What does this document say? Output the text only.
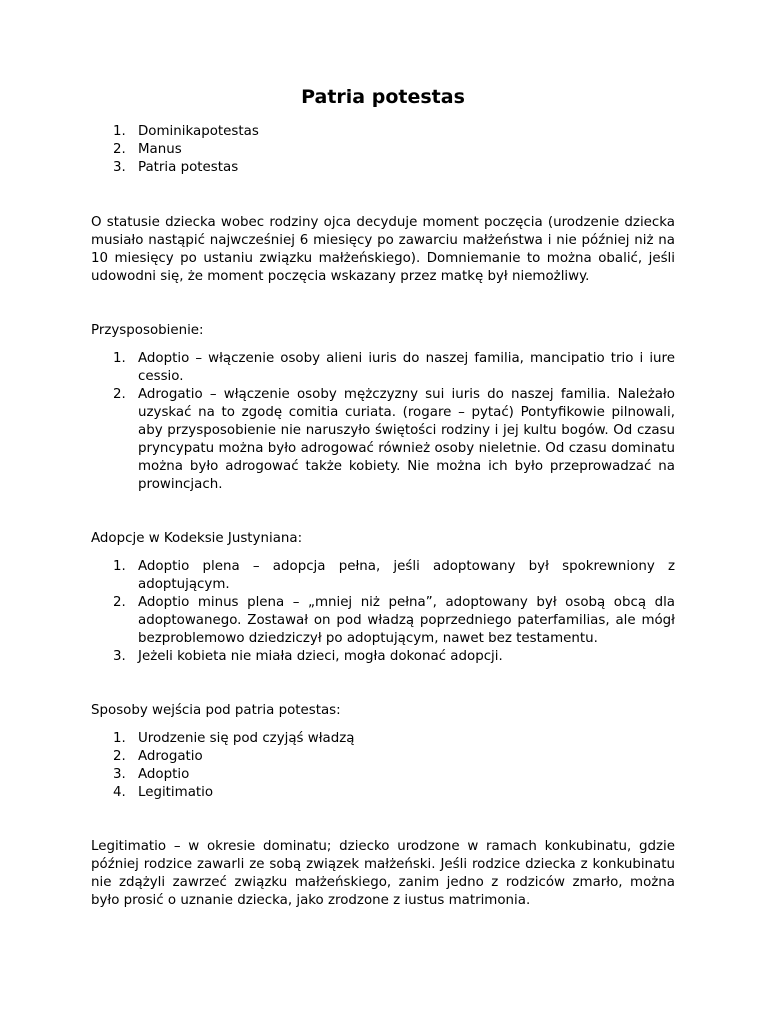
Patria potestas
1. Dominikapotestas
2. Manus
3. Patria potestas

O statusie dziecka wobec rodziny ojca decyduje moment poczęcia (urodzenie dziecka musiało nastąpić najwcześniej 6 miesięcy po zawarciu małżeństwa i nie później niż na 10 miesięcy po ustaniu związku małżeńskiego). Domniemanie to można obalić, jeśli udowodni się, że moment poczęcia wskazany przez matkę był niemożliwy.

Przysposobienie:

1. Adoptio – włączenie osoby alieni iuris do naszej familia, mancipatio trio i iure cessio.
2. Adrogatio – włączenie osoby mężczyzny sui iuris do naszej familia. Należało uzyskać na to zgodę comitia curiata. (rogare – pytać) Pontyfikowie pilnowali, aby przysposobienie nie naruszyło świętości rodziny i jej kultu bogów. Od czasu pryncypatu można było adrogować również osoby nieletnie. Od czasu dominatu można było adrogować także kobiety. Nie można ich było przeprowadzać na prowincjach.

Adopcje w Kodeksie Justyniana:

1. Adoptio plena – adopcja pełna, jeśli adoptowany był spokrewniony z adoptującym.
2. Adoptio minus plena – „mniej niż pełna”, adoptowany był osobą obcą dla adoptowanego. Zostawał on pod władzą poprzedniego paterfamilias, ale mógł bezproblemowo dziedziczył po adoptującym, nawet bez testamentu.
3. Jeżeli kobieta nie miała dzieci, mogła dokonać adopcji.

Sposoby wejścia pod patria potestas:

1. Urodzenie się pod czyjąś władzą
2. Adrogatio
3. Adoptio
4. Legitimatio

Legitimatio – w okresie dominatu; dziecko urodzone w ramach konkubinatu, gdzie później rodzice zawarli ze sobą związek małżeński. Jeśli rodzice dziecka z konkubinatu nie zdążyli zawrzeć związku małżeńskiego, zanim jedno z rodziców zmarło, można było prosić o uznanie dziecka, jako zrodzone z iustus matrimonia.
